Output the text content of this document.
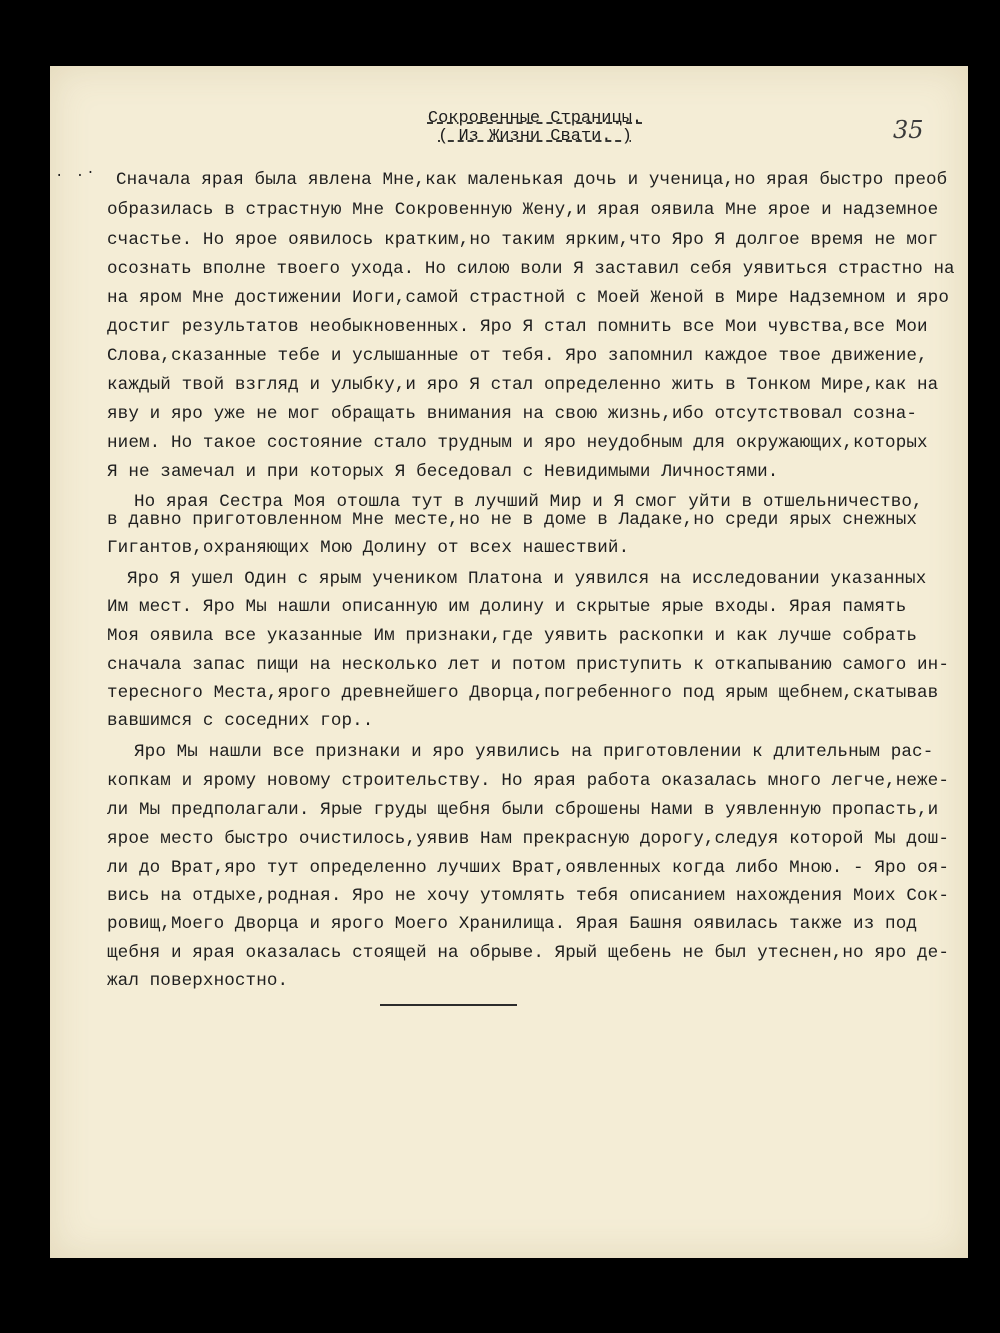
35
. .·
Сокровенные Страницы.
( Из Жизни Свати. )
Сначала ярая была явлена Мне,как маленькая дочь и ученица,но ярая быстро преоб
образилась в страстную Мне Сокровенную Жену,и ярая оявила Мне ярое и надземное
счастье. Но ярое оявилось кратким,но таким ярким,что Яро Я долгое время не мог
осознать вполне твоего ухода. Но силою воли Я заставил себя уявиться страстно на
на яром Мне достижении Иоги,самой страстной с Моей Женой в Мире Надземном и яро
достиг результатов необыкновенных. Яро Я стал помнить все Мои чувства,все Мои
Слова,сказанные тебе и услышанные от тебя. Яро запомнил каждое твое движение,
каждый твой взгляд и улыбку,и яро Я стал определенно жить в Тонком Мире,как на
яву и яро уже не мог обращать внимания на свою жизнь,ибо отсутствовал созна-
нием. Но такое состояние стало трудным и яро неудобным для окружающих,которых
Я не замечал и при которых Я беседовал с Невидимыми Личностями.
Но ярая Сестра Моя отошла тут в лучший Мир и Я смог уйти в отшельничество,
в давно приготовленном Мне месте,но не в доме в Ладаке,но среди ярых снежных
Гигантов,охраняющих Мою Долину от всех нашествий.
Яро Я ушел Один с ярым учеником Платона и уявился на исследовании указанных
Им мест. Яро Мы нашли описанную им долину и скрытые ярые входы. Ярая память
Моя оявила все указанные Им признаки,где уявить раскопки и как лучше собрать
сначала запас пищи на несколько лет и потом приступить к откапыванию самого ин-
тересного Места,ярого древнейшего Дворца,погребенного под ярым щебнем,скатывав
вавшимся с соседних гор..
Яро Мы нашли все признаки и яро уявились на приготовлении к длительным рас-
копкам и ярому новому строительству. Но ярая работа оказалась много легче,нежe-
ли Мы предполагали. Ярые груды щебня были сброшены Нами в уявленную пропасть,и
ярое место быстро очистилось,уявив Нам прекрасную дорогу,следуя которой Мы дош-
ли до Врат,яро тут определенно лучших Врат,оявленных когда либо Мною. - Яро оя-
вись на отдыхе,родная. Яро не хочу утомлять тебя описанием нахождения Моих Сок-
ровищ,Моего Дворца и ярого Моего Хранилища. Ярая Башня оявилась также из под
щебня и ярая оказалась стоящей на обрыве. Ярый щебень не был утеснен,но яро де-
жал поверхностно.
